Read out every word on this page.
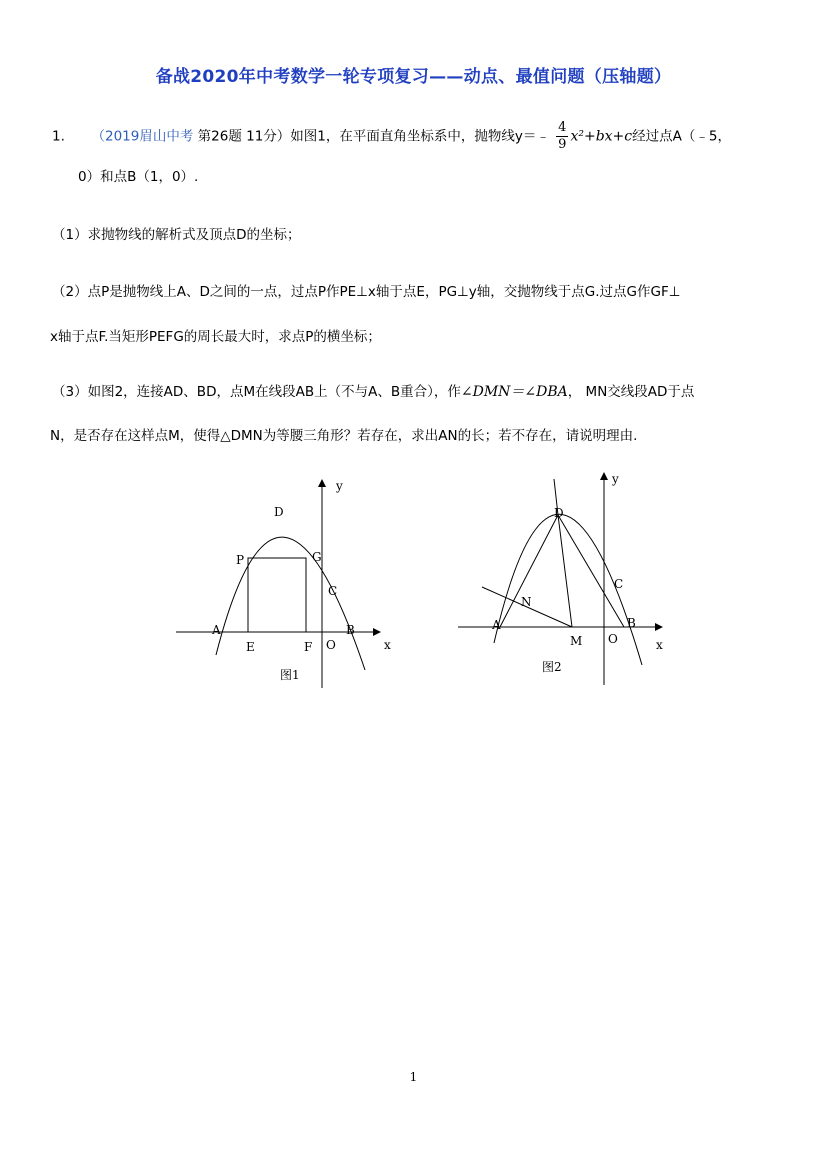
备战2020年中考数学一轮专项复习——动点、最值问题（压轴题）
1. （2019眉山中考 第26题 11分）如图1，在平面直角坐标系中，抛物线y＝﹣ $\frac{4}{9} x^2+bx+c$经过点A（﹣5，
0）和点B（1，0）.
（1）求抛物线的解析式及顶点D的坐标；
（2）点P是抛物线上A、D之间的一点，过点P作PE⊥x轴于点E，PG⊥y轴，交抛物线于点G.过点G作GF⊥
x轴于点F.当矩形PEFG的周长最大时，求点P的横坐标；
（3）如图2，连接AD、BD，点M在线段AB上（不与A、B重合），作∠DMN＝∠DBA， MN交线段AD于点
N，是否存在这样点M，使得△DMN为等腰三角形？若存在，求出AN的长；若不存在，请说明理由.
D
P	G
C
A	B
E	F O	x
y
图1
D
C
N
A	B
M O	x
y
图2
1
